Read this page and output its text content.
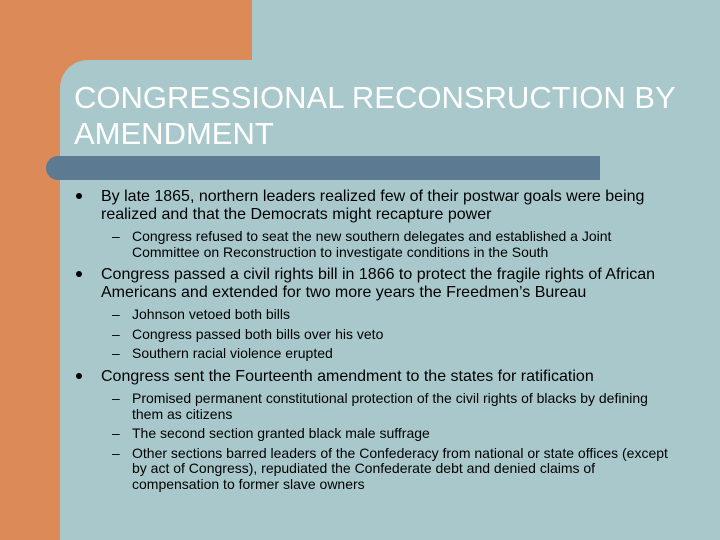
CONGRESSIONAL RECONSRUCTION BY AMENDMENT
By late 1865, northern leaders realized few of their postwar goals were being realized and that the Democrats might recapture power
– Congress refused to seat the new southern delegates and established a Joint Committee on Reconstruction to investigate conditions in the South
Congress passed a civil rights bill in 1866 to protect the fragile rights of African Americans and extended for two more years the Freedmen’s Bureau
– Johnson vetoed both bills
– Congress passed both bills over his veto
– Southern racial violence erupted
Congress sent the Fourteenth amendment to the states for ratification
– Promised permanent constitutional protection of the civil rights of blacks by defining them as citizens
– The second section granted black male suffrage
– Other sections barred leaders of the Confederacy from national or state offices (except by act of Congress), repudiated the Confederate debt and denied claims of compensation to former slave owners
